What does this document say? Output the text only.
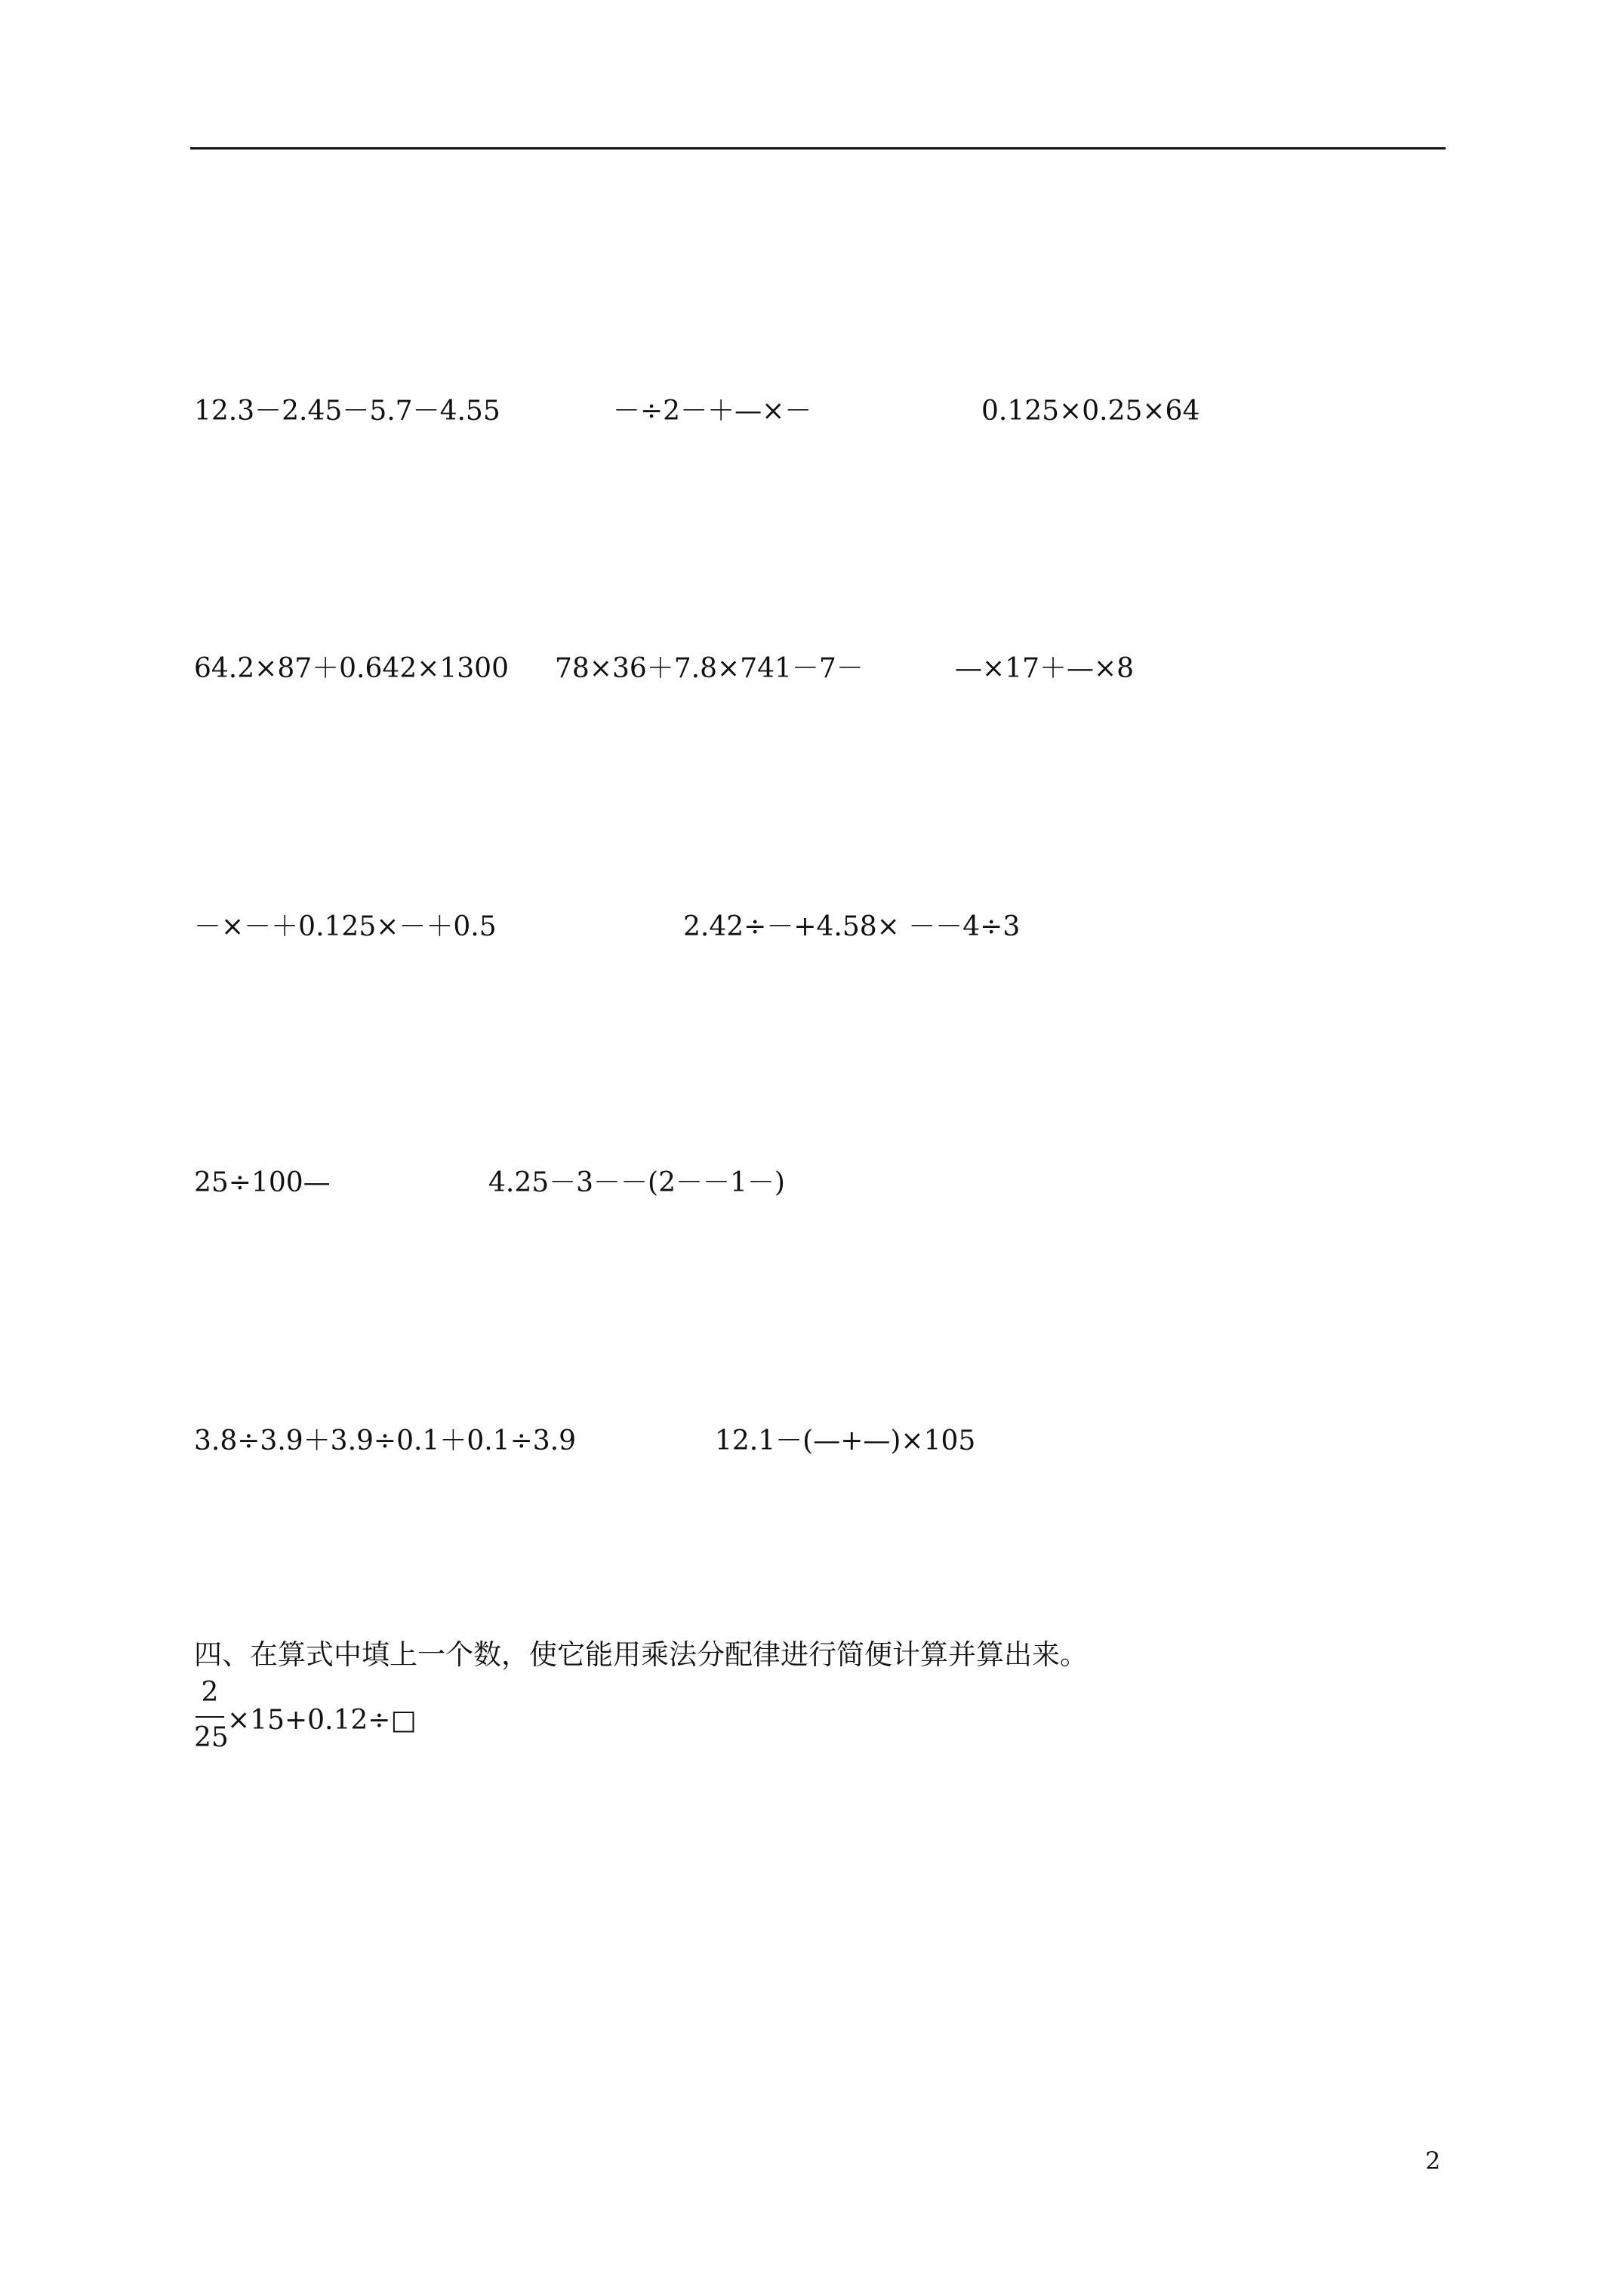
12.3－2.45－5.7－4.55	－÷2－＋—×－	0.125×0.25×64
64.2×87＋0.642×1300 78×36＋7.8×741－7－	—×17＋—×8
－×－＋0.125×－＋0.5	2.42÷－+4.58× －－4÷3
25÷100—	4.25－3－－(2－－1－)
3.8÷3.9＋3.9÷0.1＋0.1÷3.9	12.1－(—+—)×105
四、在算式中填上一个数，使它能用乘法分配律进行简便计算并算出来。
2
25
×15+0.12÷□
2
